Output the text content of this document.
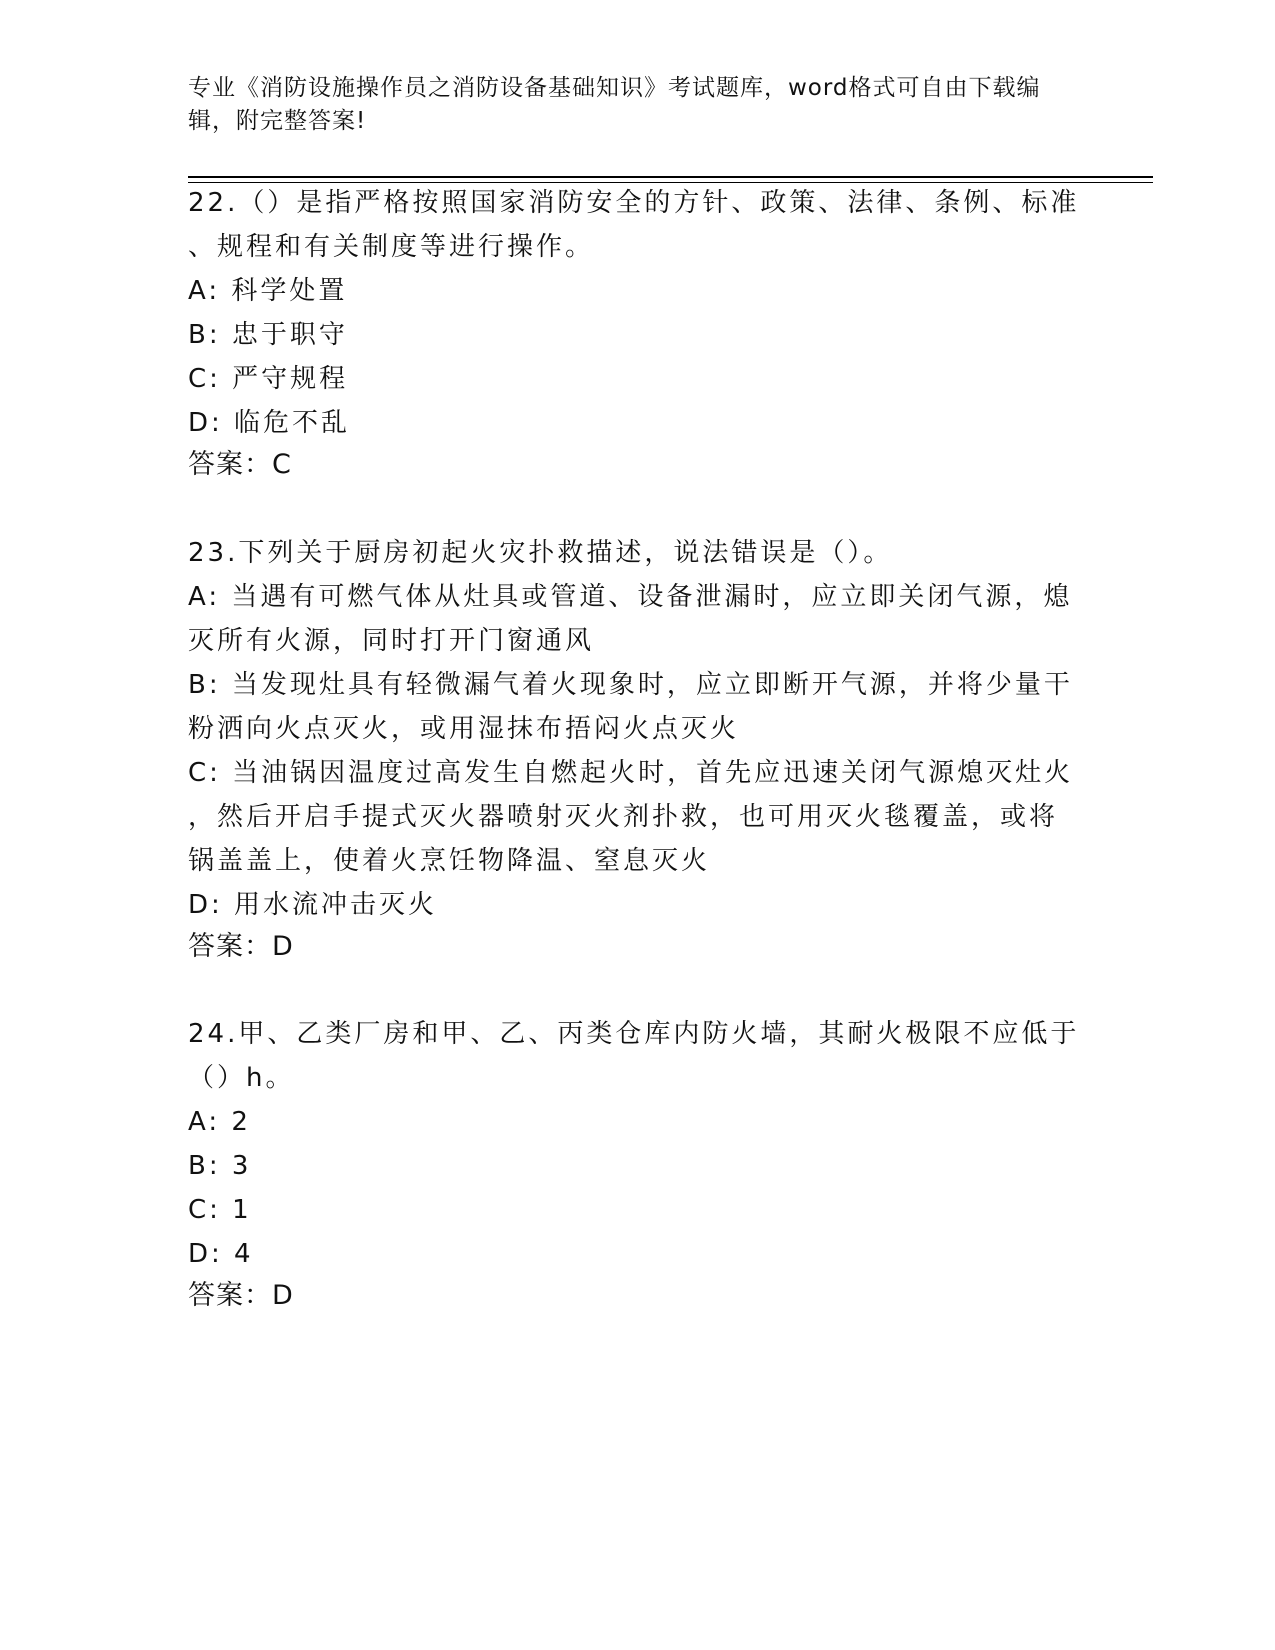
专业《消防设施操作员之消防设备基础知识》考试题库，word格式可自由下载编
辑，附完整答案!
22.（）是指严格按照国家消防安全的方针、政策、法律、条例、标准
、规程和有关制度等进行操作。
A: 科学处置
B: 忠于职守
C: 严守规程
D: 临危不乱
答案：C
23.下列关于厨房初起火灾扑救描述，说法错误是（）。
A: 当遇有可燃气体从灶具或管道、设备泄漏时，应立即关闭气源，熄
灭所有火源，同时打开门窗通风
B: 当发现灶具有轻微漏气着火现象时，应立即断开气源，并将少量干
粉洒向火点灭火，或用湿抹布捂闷火点灭火
C: 当油锅因温度过高发生自燃起火时，首先应迅速关闭气源熄灭灶火
，然后开启手提式灭火器喷射灭火剂扑救，也可用灭火毯覆盖，或将
锅盖盖上，使着火烹饪物降温、窒息灭火
D: 用水流冲击灭火
答案：D
24.甲、乙类厂房和甲、乙、丙类仓库内防火墙，其耐火极限不应低于
（）h。
A: 2
B: 3
C: 1
D: 4
答案：D
